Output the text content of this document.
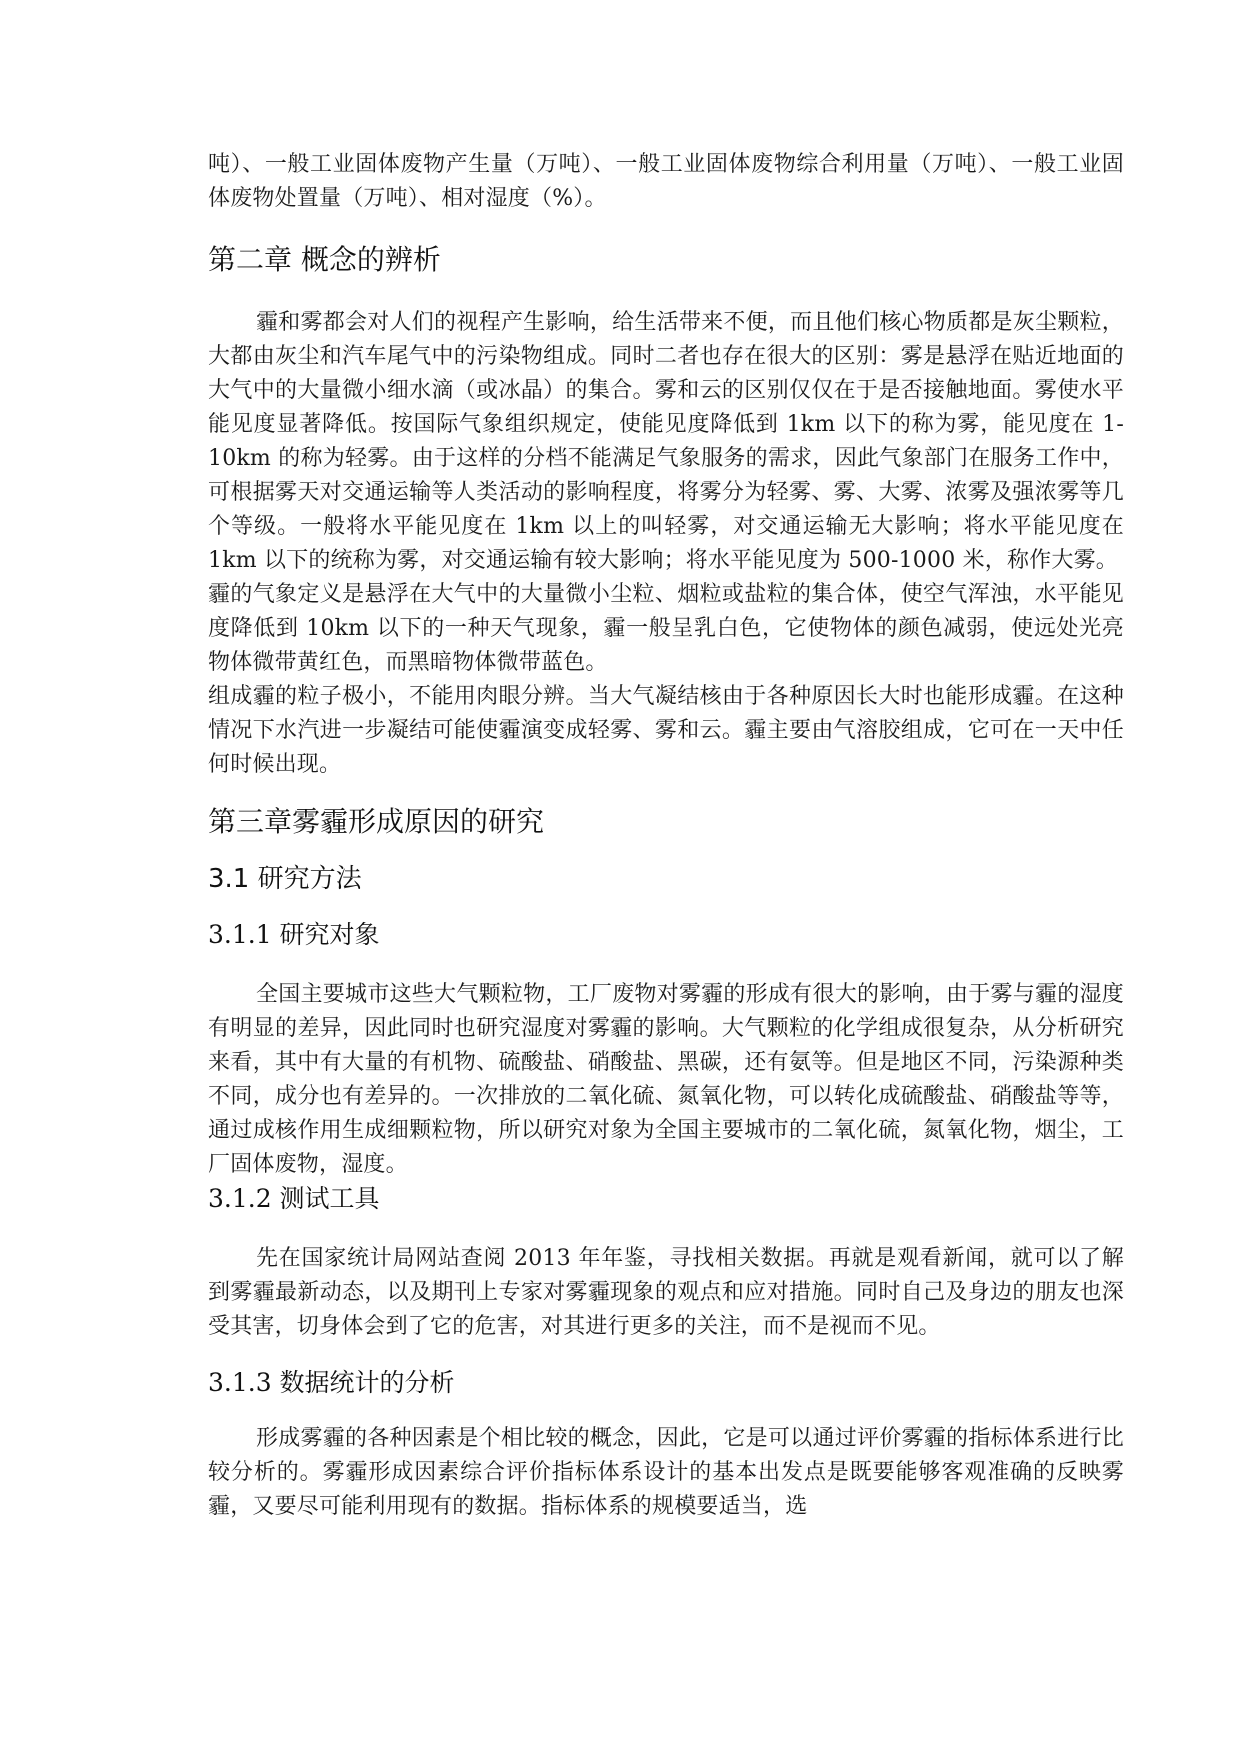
吨）、一般工业固体废物产生量（万吨）、一般工业固体废物综合利用量（万吨）、一般工业固体废物处置量（万吨）、相对湿度（%）。

第二章 概念的辨析

霾和雾都会对人们的视程产生影响，给生活带来不便，而且他们核心物质都是灰尘颗粒，大都由灰尘和汽车尾气中的污染物组成。同时二者也存在很大的区别：雾是悬浮在贴近地面的大气中的大量微小细水滴（或冰晶）的集合。雾和云的区别仅仅在于是否接触地面。雾使水平能见度显著降低。按国际气象组织规定，使能见度降低到 1km 以下的称为雾，能见度在 1-10km 的称为轻雾。由于这样的分档不能满足气象服务的需求，因此气象部门在服务工作中，可根据雾天对交通运输等人类活动的影响程度，将雾分为轻雾、雾、大雾、浓雾及强浓雾等几个等级。一般将水平能见度在 1km 以上的叫轻雾，对交通运输无大影响；将水平能见度在 1km 以下的统称为雾，对交通运输有较大影响；将水平能见度为 500-1000 米，称作大雾。

霾的气象定义是悬浮在大气中的大量微小尘粒、烟粒或盐粒的集合体，使空气浑浊，水平能见度降低到 10km 以下的一种天气现象，霾一般呈乳白色，它使物体的颜色减弱，使远处光亮物体微带黄红色，而黑暗物体微带蓝色。

组成霾的粒子极小，不能用肉眼分辨。当大气凝结核由于各种原因长大时也能形成霾。在这种情况下水汽进一步凝结可能使霾演变成轻雾、雾和云。霾主要由气溶胶组成，它可在一天中任何时候出现。

第三章雾霾形成原因的研究
3.1 研究方法
3.1.1 研究对象

全国主要城市这些大气颗粒物，工厂废物对雾霾的形成有很大的影响，由于雾与霾的湿度有明显的差异，因此同时也研究湿度对雾霾的影响。大气颗粒的化学组成很复杂，从分析研究来看，其中有大量的有机物、硫酸盐、硝酸盐、黑碳，还有氨等。但是地区不同，污染源种类不同，成分也有差异的。一次排放的二氧化硫、氮氧化物，可以转化成硫酸盐、硝酸盐等等，通过成核作用生成细颗粒物，所以研究对象为全国主要城市的二氧化硫，氮氧化物，烟尘，工厂固体废物，湿度。

3.1.2 测试工具

先在国家统计局网站查阅 2013 年年鉴，寻找相关数据。再就是观看新闻，就可以了解到雾霾最新动态，以及期刊上专家对雾霾现象的观点和应对措施。同时自己及身边的朋友也深受其害，切身体会到了它的危害，对其进行更多的关注，而不是视而不见。

3.1.3 数据统计的分析

形成雾霾的各种因素是个相比较的概念，因此，它是可以通过评价雾霾的指标体系进行比较分析的。雾霾形成因素综合评价指标体系设计的基本出发点是既要能够客观准确的反映雾霾，又要尽可能利用现有的数据。指标体系的规模要适当，选
